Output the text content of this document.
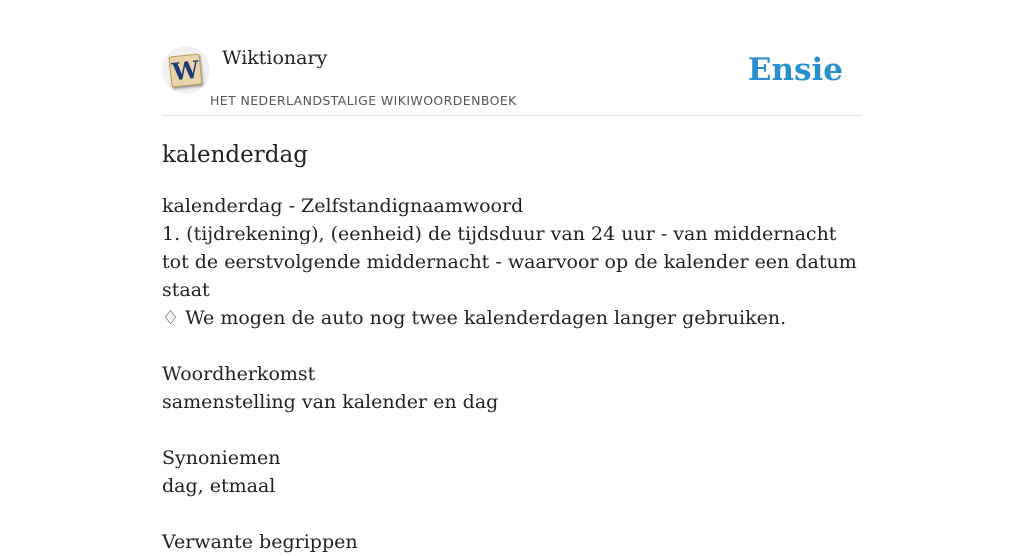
W Wiktionary
HET NEDERLANDSTALIGE WIKIWOORDENBOEK
Ensie
kalenderdag
kalenderdag - Zelfstandignaamwoord
1. (tijdrekening), (eenheid) de tijdsduur van 24 uur - van middernacht tot de eerstvolgende middernacht - waarvoor op de kalender een datum staat
♢ We mogen de auto nog twee kalenderdagen langer gebruiken.
Woordherkomst
samenstelling van kalender en dag
Synoniemen
dag, etmaal
Verwante begrippen
